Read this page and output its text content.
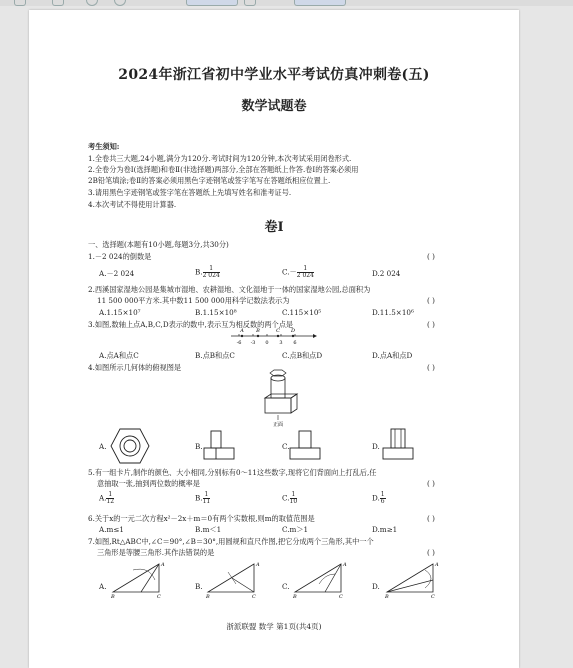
2024年浙江省初中学业水平考试仿真冲刺卷(五)
数学试题卷
考生须知:
1.全卷共三大题,24小题,满分为120分.考试时间为120分钟,本次考试采用闭卷形式.
2.全卷分为卷Ⅰ(选择题)和卷Ⅱ(非选择题)两部分,全部在答题纸上作答.卷Ⅰ的答案必须用
2B铅笔填涂;卷Ⅱ的答案必须用黑色字迹钢笔或签字笔写在答题纸相应位置上.
3.请用黑色字迹钢笔或签字笔在答题纸上先填写姓名和准考证号.
4.本次考试不得使用计算器.
卷Ⅰ
一、选择题(本题有10小题,每题3分,共30分)
1.－2 024的倒数是	( )
A.－2 024	B. $\frac{1}{2 024}$	$C.- \frac{1}{2 024}$	D.2 024
2.西溪国家湿地公园是集城市湿地、农耕湿地、文化湿地于一体的国家湿地公园,总面积为
11 500 000平方米.其中数11 500 000用科学记数法表示为	( )
A.1.15×10⁷	B.1.15×10⁸	C.115×10⁵	D.11.5×10⁶
3.如图,数轴上点A,B,C,D表示的数中,表示互为相反数的两个点是	( )
A B	C D
-6 -3 0 3 6
A.点A和点C	B.点B和点C	C.点B和点D	D.点A和点D
4.如图所示几何体的俯视图是	( )
正面
A.	B.	C.	D.
5.有一组卡片,制作的颜色、大小相同,分别标有0～11这些数字,现将它们背面向上打乱后,任
意抽取一张,抽到两位数的概率是	( )
A. $\frac{1}{12}$	B. $\frac{1}{11}$	C. $\frac{1}{10}$	D. $\frac{1}{6}$
6.关于x的一元二次方程x²－2x＋m＝0有两个实数根,则m的取值范围是	( )
A.m≤1	B.m＜1	C.m＞1	D.m≥1
7.如图,Rt△ABC中,∠C＝90°,∠B＝30°,用圆规和直尺作图,把它分成两个三角形,其中一个
三角形是等腰三角形.其作法错误的是	( )
A.
A
B	C
B.
A
B	C
C.
A
B	C
D.
A
B	C
浙派联盟 数学 第1页(共4页)
